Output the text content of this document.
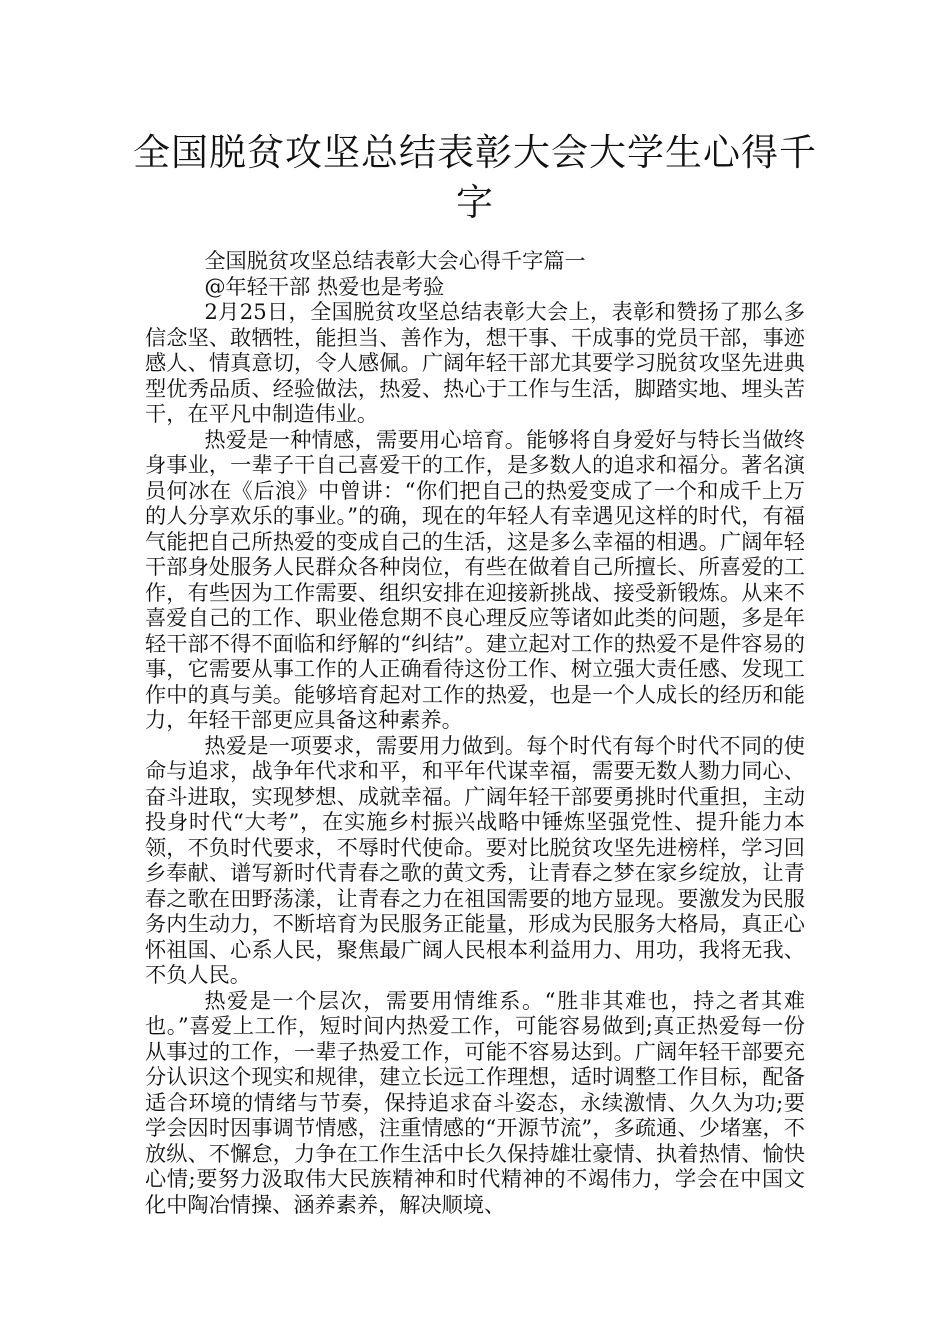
全国脱贫攻坚总结表彰大会大学生心得千字

全国脱贫攻坚总结表彰大会心得千字篇一

@年轻干部 热爱也是考验

2月25日，全国脱贫攻坚总结表彰大会上，表彰和赞扬了那么多信念坚、敢牺牲，能担当、善作为，想干事、干成事的党员干部，事迹感人、情真意切，令人感佩。广阔年轻干部尤其要学习脱贫攻坚先进典型优秀品质、经验做法，热爱、热心于工作与生活，脚踏实地、埋头苦干，在平凡中制造伟业。

热爱是一种情感，需要用心培育。能够将自身爱好与特长当做终身事业，一辈子干自己喜爱干的工作，是多数人的追求和福分。著名演员何冰在《后浪》中曾讲：“你们把自己的热爱变成了一个和成千上万的人分享欢乐的事业。”的确，现在的年轻人有幸遇见这样的时代，有福气能把自己所热爱的变成自己的生活，这是多么幸福的相遇。广阔年轻干部身处服务人民群众各种岗位，有些在做着自己所擅长、所喜爱的工作，有些因为工作需要、组织安排在迎接新挑战、接受新锻炼。从来不喜爱自己的工作、职业倦怠期不良心理反应等诸如此类的问题，多是年轻干部不得不面临和纾解的“纠结”。建立起对工作的热爱不是件容易的事，它需要从事工作的人正确看待这份工作、树立强大责任感、发现工作中的真与美。能够培育起对工作的热爱，也是一个人成长的经历和能力，年轻干部更应具备这种素养。

热爱是一项要求，需要用力做到。每个时代有每个时代不同的使命与追求，战争年代求和平，和平年代谋幸福，需要无数人勠力同心、奋斗进取，实现梦想、成就幸福。广阔年轻干部要勇挑时代重担，主动投身时代“大考”，在实施乡村振兴战略中锤炼坚强党性、提升能力本领，不负时代要求，不辱时代使命。要对比脱贫攻坚先进榜样，学习回乡奉献、谱写新时代青春之歌的黄文秀，让青春之梦在家乡绽放，让青春之歌在田野荡漾，让青春之力在祖国需要的地方显现。要激发为民服务内生动力，不断培育为民服务正能量，形成为民服务大格局，真正心怀祖国、心系人民，聚焦最广阔人民根本利益用力、用功，我将无我、不负人民。

热爱是一个层次，需要用情维系。“胜非其难也，持之者其难也。”喜爱上工作，短时间内热爱工作，可能容易做到;真正热爱每一份从事过的工作，一辈子热爱工作，可能不容易达到。广阔年轻干部要充分认识这个现实和规律，建立长远工作理想，适时调整工作目标，配备适合环境的情绪与节奏，保持追求奋斗姿态，永续激情、久久为功;要学会因时因事调节情感，注重情感的“开源节流”，多疏通、少堵塞，不放纵、不懈怠，力争在工作生活中长久保持雄壮豪情、执着热情、愉快心情;要努力汲取伟大民族精神和时代精神的不竭伟力，学会在中国文化中陶冶情操、涵养素养，解决顺境、
